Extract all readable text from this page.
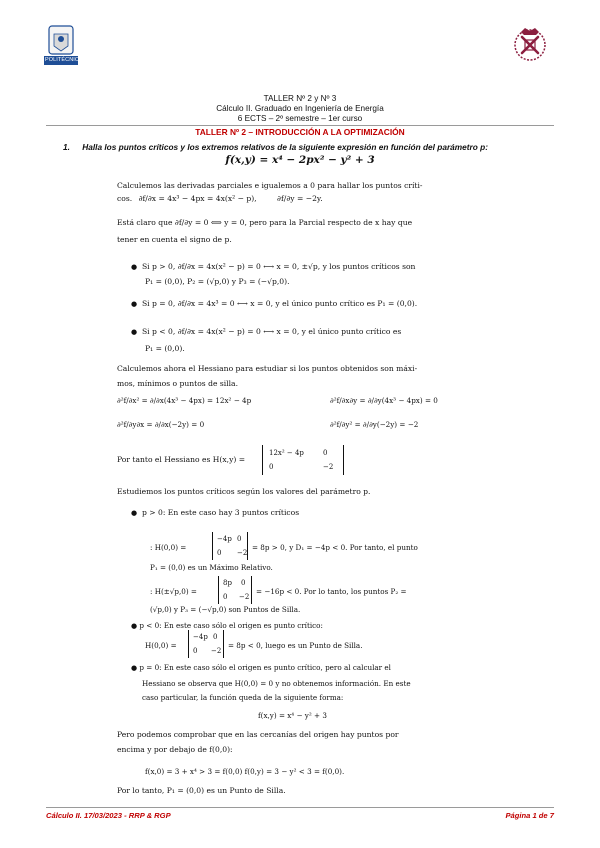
POLITÉCNICA
TALLER Nº 2 y Nº 3
Cálculo II. Graduado en Ingeniería de Energía
6 ECTS – 2º semestre – 1er curso
TALLER Nº 2 – INTRODUCCIÓN A LA OPTIMIZACIÓN
1. Halla los puntos críticos y los extremos relativos de la siguiente expresión en función del parámetro p:
f(x,y) = x⁴ − 2px² − y² + 3
Calculemos las derivadas parciales e igualemos a 0 para hallar los puntos críti-
cos. ∂f/∂x = 4x³ − 4px = 4x(x² − p),	∂f/∂y = −2y.
Está claro que ∂f/∂y = 0 ⟺ y = 0, pero para la Parcial respecto de x hay que
tener en cuenta el signo de p.
● Si p > 0, ∂f/∂x = 4x(x² − p) = 0 ⟷ x = 0, ±√p, y los puntos críticos son
P₁ = (0,0), P₂ = (√p,0) y P₃ = (−√p,0).
● Si p = 0, ∂f/∂x = 4x³ = 0 ⟷ x = 0, y el único punto crítico es P₁ = (0,0).
● Si p < 0, ∂f/∂x = 4x(x² − p) = 0 ⟷ x = 0, y el único punto crítico es
P₁ = (0,0).
Calculemos ahora el Hessiano para estudiar si los puntos obtenidos son máxi-
mos, mínimos o puntos de silla.
∂²f/∂x² = ∂/∂x(4x³ − 4px) = 12x² − 4p	∂²f/∂x∂y = ∂/∂y(4x³ − 4px) = 0
∂²f/∂y∂x = ∂/∂x(−2y) = 0	∂²f/∂y² = ∂/∂y(−2y) = −2
Por tanto el Hessiano es H(x,y) =
12x² − 4p	0
0	−2
Estudiemos los puntos críticos según los valores del parámetro p.
● p > 0: En este caso hay 3 puntos críticos
: H(0,0) =
−4p 0
0 −2
= 8p > 0, y D₁ = −4p < 0. Por tanto, el punto
P₁ = (0,0) es un Máximo Relativo.
: H(±√p,0) =
8p 0
0 −2
= −16p < 0. Por lo tanto, los puntos P₂ =
(√p,0) y P₃ = (−√p,0) son Puntos de Silla.
● p < 0: En este caso sólo el origen es punto crítico:
H(0,0) =
−4p 0
0 −2
= 8p < 0, luego es un Punto de Silla.
● p = 0: En este caso sólo el origen es punto crítico, pero al calcular el
Hessiano se observa que H(0,0) = 0 y no obtenemos información. En este
caso particular, la función queda de la siguiente forma:
f(x,y) = x⁴ − y² + 3
Pero podemos comprobar que en las cercanías del origen hay puntos por
encima y por debajo de f(0,0):
f(x,0) = 3 + x⁴ > 3 = f(0,0) f(0,y) = 3 − y² < 3 = f(0,0).
Por lo tanto, P₁ = (0,0) es un Punto de Silla.
Cálculo II. 17/03/2023 - RRP & RGP	Página 1 de 7
